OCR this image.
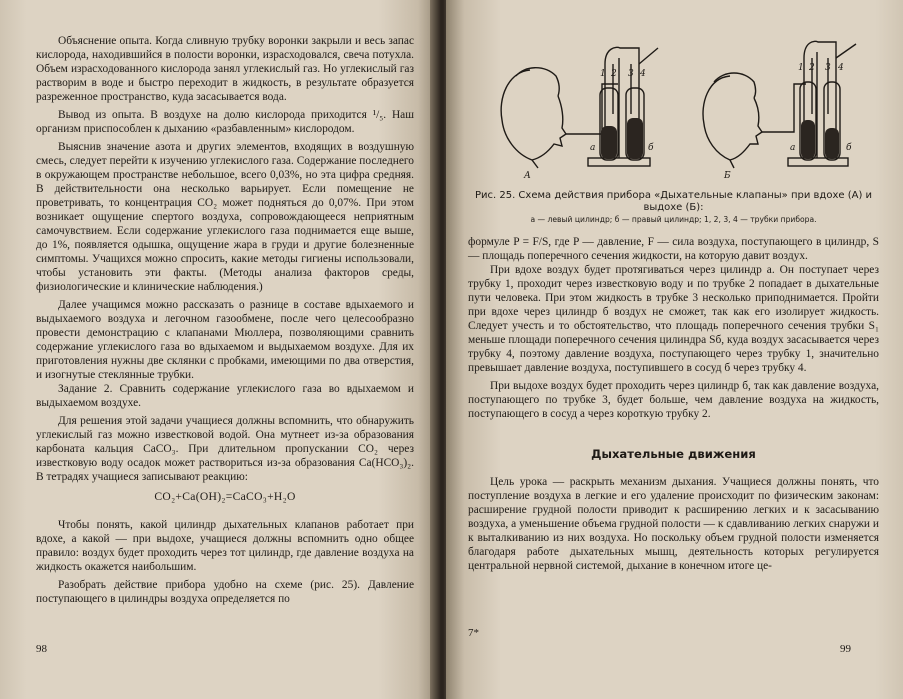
Объяснение опыта. Когда сливную трубку воронки закрыли и весь запас кислорода, находившийся в полости воронки, израсходовался, свеча потухла. Объем израсходованного кислорода занял углекислый газ. Но углекислый газ растворим в воде и быстро переходит в жидкость, в результате образуется разреженное пространство, куда засасывается вода.

Вывод из опыта. В воздухе на долю кислорода приходится ¹/₅. Наш организм приспособлен к дыханию «разбавленным» кислородом.

Выяснив значение азота и других элементов, входящих в воздушную смесь, следует перейти к изучению углекислого газа. Содержание последнего в окружающем пространстве небольшое, всего 0,03%, но эта цифра средняя. В действительности она несколько варьирует. Если помещение не проветривать, то концентрация CO₂ может подняться до 0,07%. При этом возникает ощущение спертого воздуха, сопровождающееся неприятным самочувствием. Если содержание углекислого газа поднимается еще выше, до 1%, появляется одышка, ощущение жара в груди и другие болезненные симптомы. Учащихся можно спросить, какие методы гигиены использовали, чтобы установить эти факты. (Методы анализа факторов среды, физиологические и клинические наблюдения.)

Далее учащимся можно рассказать о разнице в составе вдыхаемого и выдыхаемого воздуха и легочном газообмене, после чего целесообразно провести демонстрацию с клапанами Мюллера, позволяющими сравнить содержание углекислого газа во вдыхаемом и выдыхаемом воздухе. Для их приготовления нужны две склянки с пробками, имеющими по два отверстия, и изогнутые стеклянные трубки.

Задание 2. Сравнить содержание углекислого газа во вдыхаемом и выдыхаемом воздухе.

Для решения этой задачи учащиеся должны вспомнить, что обнаружить углекислый газ можно известковой водой. Она мутнеет из-за образования карбоната кальция CaCO₃. При длительном пропускании CO₂ через известковую воду осадок может раствориться из-за образования Ca(HCO₃)₂. В тетрадях учащиеся записывают реакцию:

CO₂+Ca(OH)₂=CaCO₃+H₂O

Чтобы понять, какой цилиндр дыхательных клапанов работает при вдохе, а какой — при выдохе, учащиеся должны вспомнить одно общее правило: воздух будет проходить через тот цилиндр, где давление воздуха на жидкость окажется наибольшим.

Разобрать действие прибора удобно на схеме (рис. 25). Давление поступающего в цилиндры воздуха определяется по

98
1 2 3 4
а	б
А
1 2 3 4
а	б
Б

Рис. 25. Схема действия прибора «Дыхательные клапаны» при вдохе (А) и выдохе (Б):

а — левый цилиндр; б — правый цилиндр; 1, 2, 3, 4 — трубки прибора.

формуле P = F/S, где P — давление, F — сила воздуха, поступающего в цилиндр, S — площадь поперечного сечения жидкости, на которую давит воздух.

При вдохе воздух будет протягиваться через цилиндр а. Он поступает через трубку 1, проходит через известковую воду и по трубке 2 попадает в дыхательные пути человека. При этом жидкость в трубке 3 несколько приподнимается. Пройти при вдохе через цилиндр б воздух не сможет, так как его изолирует жидкость. Следует учесть и то обстоятельство, что площадь поперечного сечения трубки S₁ меньше площади поперечного сечения цилиндра Sб, куда воздух засасывается через трубку 4, поэтому давление воздуха, поступающего через трубку 1, значительно превышает давление воздуха, поступившего в сосуд б через трубку 4.

При выдохе воздух будет проходить через цилиндр б, так как давление воздуха, поступающего по трубке 3, будет больше, чем давление воздуха на жидкость, поступающего в сосуд а через короткую трубку 2.

Дыхательные движения

Цель урока — раскрыть механизм дыхания. Учащиеся должны понять, что поступление воздуха в легкие и его удаление происходит по физическим законам: расширение грудной полости приводит к расширению легких и к засасыванию воздуха, а уменьшение объема грудной полости — к сдавливанию легких снаружи и к выталкиванию из них воздуха. Но поскольку объем грудной полости изменяется благодаря работе дыхательных мышц, деятельность которых регулируется центральной нервной системой, дыхание в конечном итоге це-

7*
99
